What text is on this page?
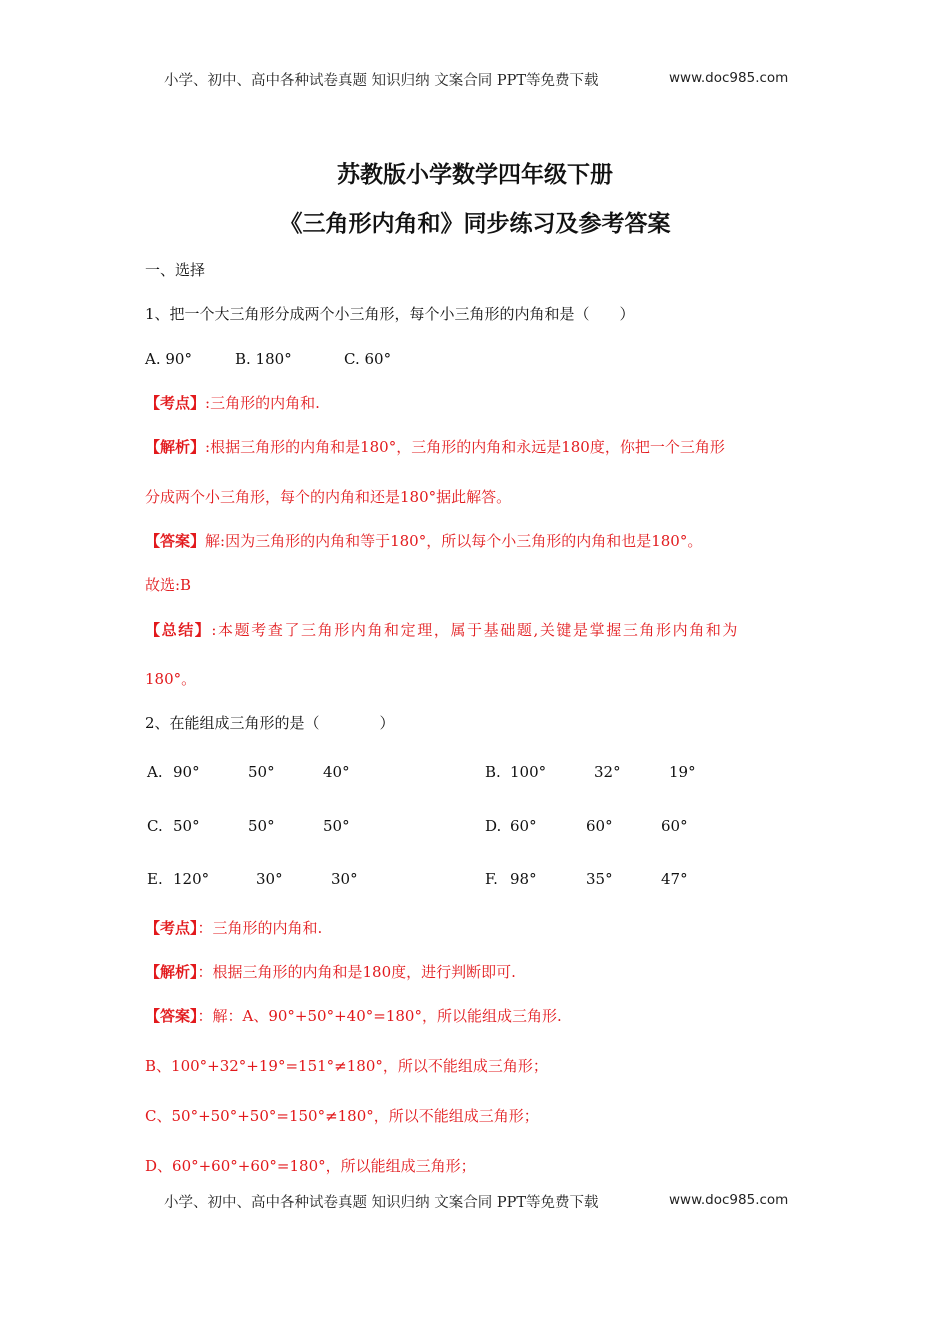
小学、初中、高中各种试卷真题 知识归纳 文案合同 PPT等免费下载	www.doc985.com
苏教版小学数学四年级下册
《三角形内角和》同步练习及参考答案
一、选择
1、把一个大三角形分成两个小三角形，每个小三角形的内角和是（　　）
A. 90°	B. 180°	C. 60°
【考点】:三角形的内角和.
【解析】:根据三角形的内角和是180°，三角形的内角和永远是180度，你把一个三角形
分成两个小三角形，每个的内角和还是180°据此解答。
【答案】解:因为三角形的内角和等于180°，所以每个小三角形的内角和也是180°。
故选:B
【总结】:本题考查了三角形内角和定理，属于基础题,关键是掌握三角形内角和为
180°。
2、在能组成三角形的是（　　　　）
A. 90°	50°	40°	B. 100°	32°	19°
C. 50°	50°	50°	D. 60°	60°	60°
E. 120°	30°	30°	F. 98°	35°	47°
【考点】：三角形的内角和.
【解析】：根据三角形的内角和是180度，进行判断即可.
【答案】：解：A、90°+50°+40°=180°，所以能组成三角形.
B、100°+32°+19°=151°≠180°，所以不能组成三角形；
C、50°+50°+50°=150°≠180°，所以不能组成三角形；
D、60°+60°+60°=180°，所以能组成三角形；
小学、初中、高中各种试卷真题 知识归纳 文案合同 PPT等免费下载	www.doc985.com
